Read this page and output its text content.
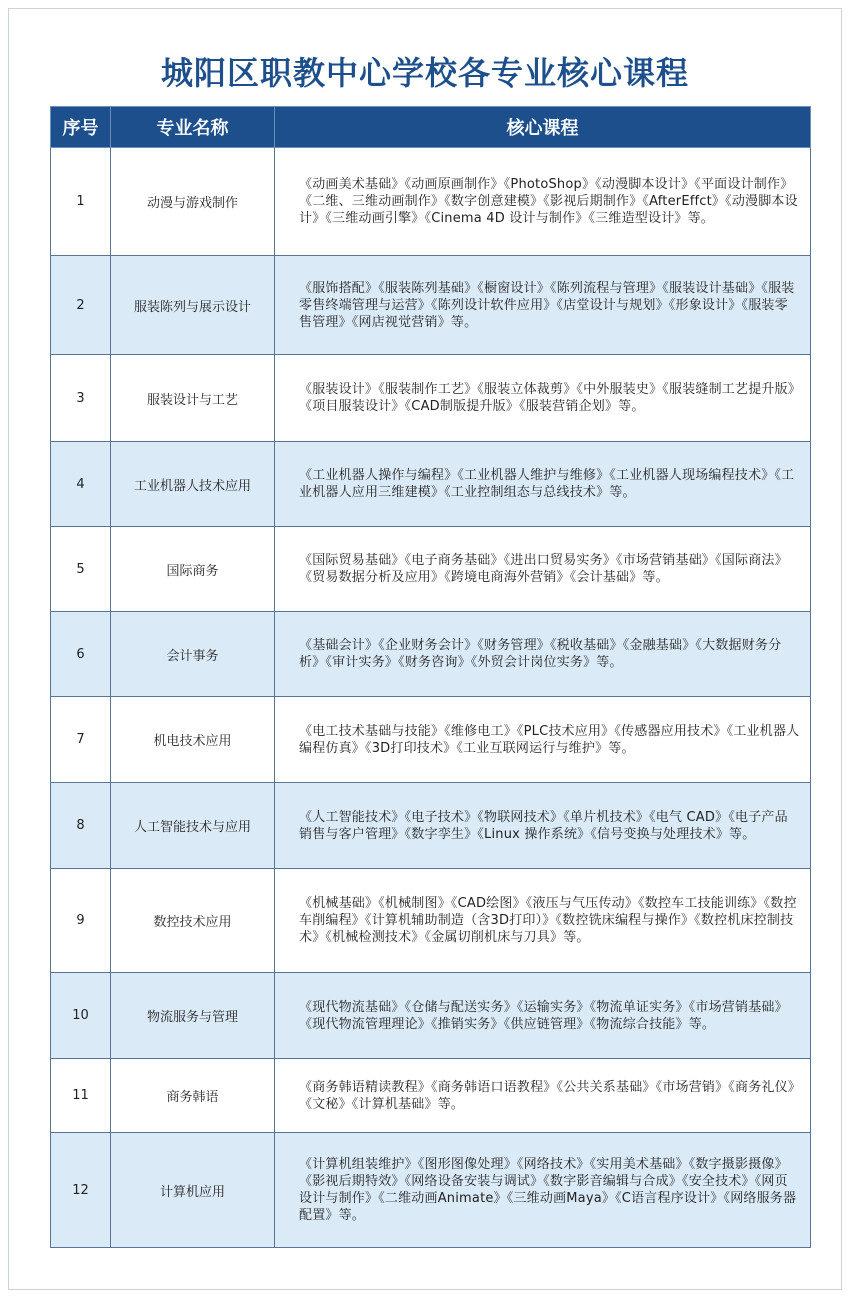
城阳区职教中心学校各专业核心课程
序号	专业名称	核心课程
1	动漫与游戏制作	《动画美术基础》《动画原画制作》《PhotoShop》《动漫脚本设计》《平面设计制作》《二维、三维动画制作》《数字创意建模》《影视后期制作》《AfterEffct》《动漫脚本设计》《三维动画引擎》《Cinema 4D 设计与制作》《三维造型设计》等。
2	服装陈列与展示设计	《服饰搭配》《服装陈列基础》《橱窗设计》《陈列流程与管理》《服装设计基础》《服装零售终端管理与运营》《陈列设计软件应用》《店堂设计与规划》《形象设计》《服装零售管理》《网店视觉营销》等。
3	服装设计与工艺	《服装设计》《服装制作工艺》《服装立体裁剪》《中外服装史》《服装缝制工艺提升版》《项目服装设计》《CAD制版提升版》《服装营销企划》等。
4	工业机器人技术应用	《工业机器人操作与编程》《工业机器人维护与维修》《工业机器人现场编程技术》《工业机器人应用三维建模》《工业控制组态与总线技术》等。
5	国际商务	《国际贸易基础》《电子商务基础》《进出口贸易实务》《市场营销基础》《国际商法》《贸易数据分析及应用》《跨境电商海外营销》《会计基础》等。
6	会计事务	《基础会计》《企业财务会计》《财务管理》《税收基础》《金融基础》《大数据财务分析》《审计实务》《财务咨询》《外贸会计岗位实务》等。
7	机电技术应用	《电工技术基础与技能》《维修电工》《PLC技术应用》《传感器应用技术》《工业机器人编程仿真》《3D打印技术》《工业互联网运行与维护》等。
8	人工智能技术与应用	《人工智能技术》《电子技术》《物联网技术》《单片机技术》《电气 CAD》《电子产品销售与客户管理》《数字孪生》《Linux 操作系统》《信号变换与处理技术》等。
9	数控技术应用	《机械基础》《机械制图》《CAD绘图》《液压与气压传动》《数控车工技能训练》《数控车削编程》《计算机辅助制造（含3D打印）》《数控铣床编程与操作》《数控机床控制技术》《机械检测技术》《金属切削机床与刀具》等。
10	物流服务与管理	《现代物流基础》《仓储与配送实务》《运输实务》《物流单证实务》《市场营销基础》《现代物流管理理论》《推销实务》《供应链管理》《物流综合技能》等。
11	商务韩语	《商务韩语精读教程》《商务韩语口语教程》《公共关系基础》《市场营销》《商务礼仪》《文秘》《计算机基础》等。
12	计算机应用	《计算机组装维护》《图形图像处理》《网络技术》《实用美术基础》《数字摄影摄像》《影视后期特效》《网络设备安装与调试》《数字影音编辑与合成》《安全技术》《网页设计与制作》《二维动画Animate》《三维动画Maya》《C语言程序设计》《网络服务器配置》等。
